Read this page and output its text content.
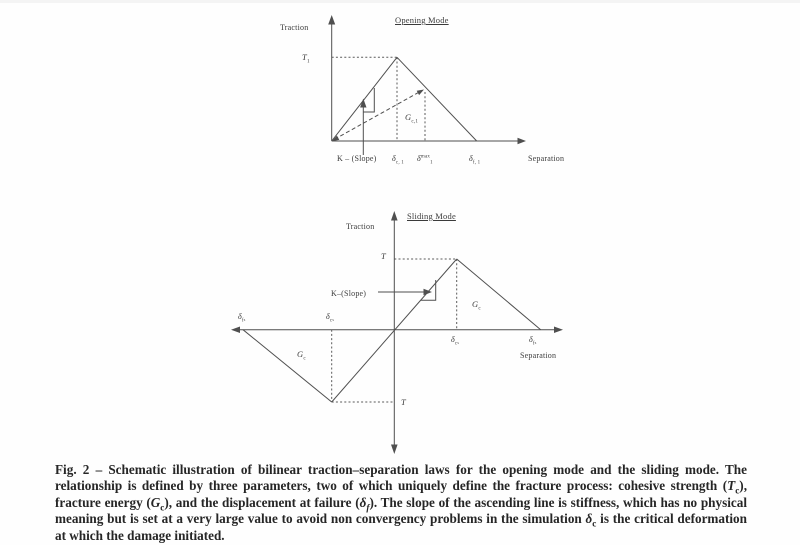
Traction
Opening Mode
$T_1$
$G_{c,1}$
K – (Slope) $\delta_{c, 1}$
$\delta^{max}_1$
$\delta_{f, 1}$
Separation
Sliding Mode
Traction
T
K–(Slope)
$G_c$
$G_c$
$\delta_{fs}$	$\delta_{cs}$
$\delta_{cs}$	$\delta_{fs}$
Separation
T
Fig. 2 – Schematic illustration of bilinear traction–separation laws for the opening mode and the sliding mode. The relationship is defined by three parameters, two of which uniquely define the fracture process: cohesive strength $(T_c)$, fracture energy $(G_c)$, and the displacement at failure $(\delta_f)$. The slope of the ascending line is stiffness, which has no physical meaning but is set at a very large value to avoid non convergency problems in the simulation $\delta_c$ is the critical deformation at which the damage initiated.
